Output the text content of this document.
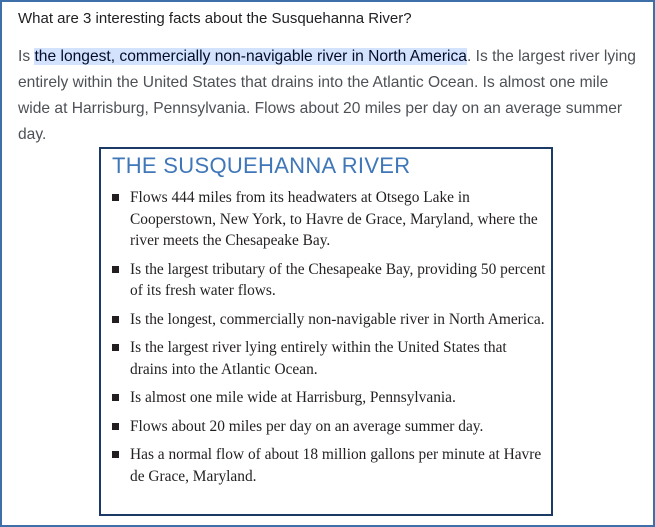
What are 3 interesting facts about the Susquehanna River?
Is the longest, commercially non-navigable river in North America. Is the largest river lying entirely within the United States that drains into the Atlantic Ocean. Is almost one mile wide at Harrisburg, Pennsylvania. Flows about 20 miles per day on an average summer day.
THE SUSQUEHANNA RIVER
Flows 444 miles from its headwaters at Otsego Lake in Cooperstown, New York, to Havre de Grace, Maryland, where the river meets the Chesapeake Bay.
Is the largest tributary of the Chesapeake Bay, providing 50 percent of its fresh water flows.
Is the longest, commercially non-navigable river in North America.
Is the largest river lying entirely within the United States that drains into the Atlantic Ocean.
Is almost one mile wide at Harrisburg, Pennsylvania.
Flows about 20 miles per day on an average summer day.
Has a normal flow of about 18 million gallons per minute at Havre de Grace, Maryland.
